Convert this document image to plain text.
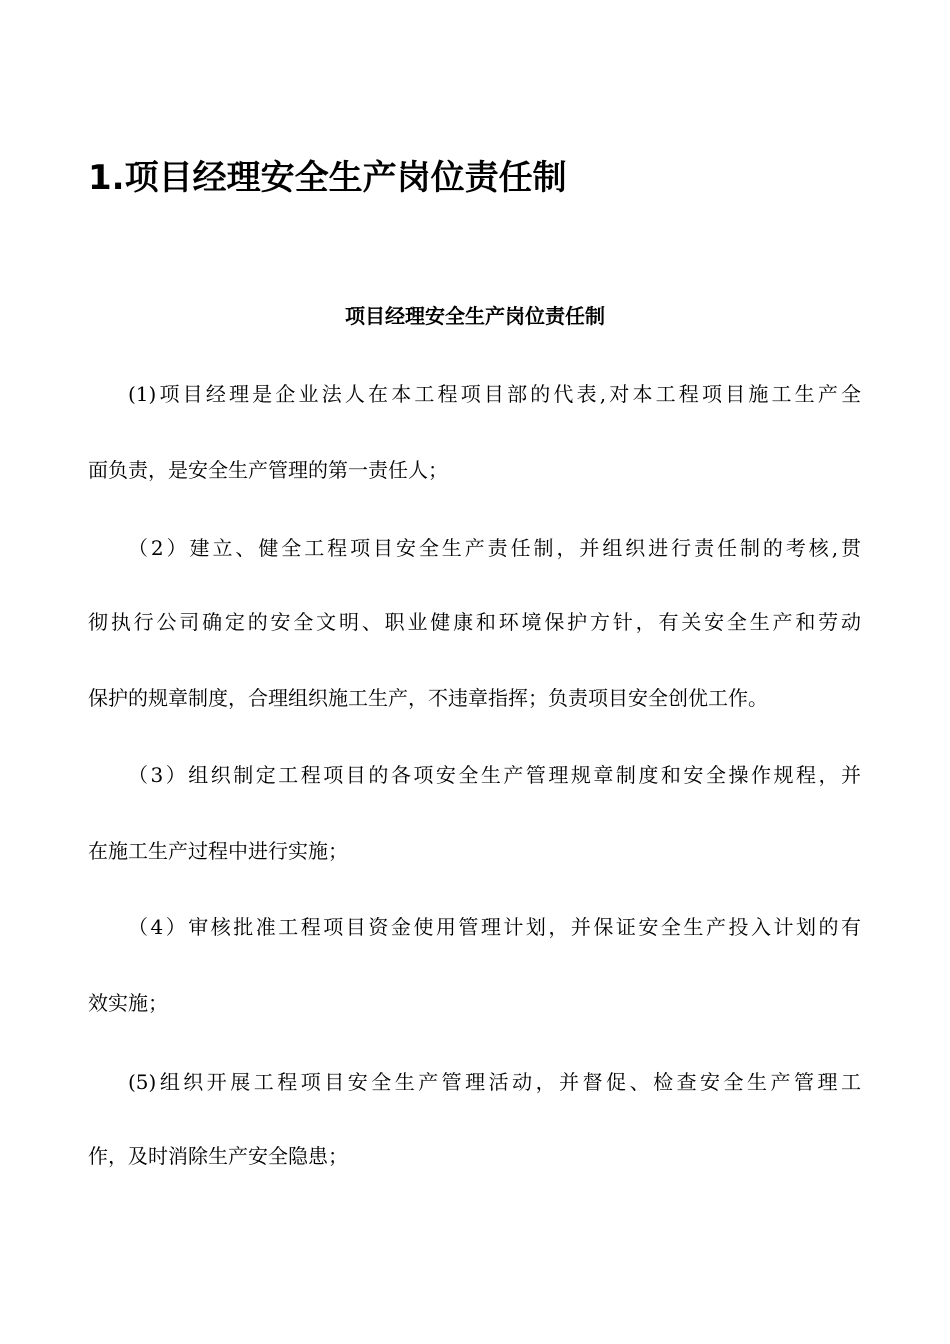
1.项目经理安全生产岗位责任制
项目经理安全生产岗位责任制

(1)项目经理是企业法人在本工程项目部的代表,对本工程项目施工生产全

面负责，是安全生产管理的第一责任人；

（2）建立、健全工程项目安全生产责任制，并组织进行责任制的考核,贯

彻执行公司确定的安全文明、职业健康和环境保护方针，有关安全生产和劳动

保护的规章制度，合理组织施工生产，不违章指挥；负责项目安全创优工作。

（3）组织制定工程项目的各项安全生产管理规章制度和安全操作规程，并

在施工生产过程中进行实施；

（4）审核批准工程项目资金使用管理计划，并保证安全生产投入计划的有

效实施；

(5)组织开展工程项目安全生产管理活动，并督促、检查安全生产管理工

作，及时消除生产安全隐患；
